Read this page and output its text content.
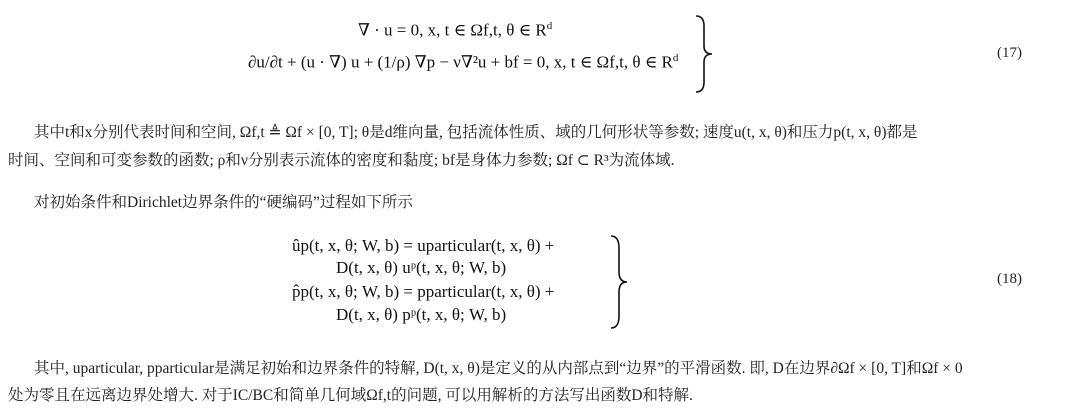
∇ · u = 0, x, t ∈ Ωf,t, θ ∈ $R^d$
∂u/∂t + (u · ∇) u + (1/ρ) ∇p − ν∇²u + bf = 0, x, t ∈ Ωf,t, θ ∈ $R^d$	(17)
其中t和x分别代表时间和空间, Ωf,t ≜ Ωf × [0, T]; θ是d维向量, 包括流体性质、域的几何形状等参数; 速度u(t, x, θ)和压力p(t, x, θ)都是
时间、空间和可变参数的函数; ρ和ν分别表示流体的密度和黏度; bf是身体力参数; Ωf ⊂ R³为流体域.
对初始条件和Dirichlet边界条件的“硬编码”过程如下所示
ûp(t, x, θ; W, b) = uparticular(t, x, θ) +
D(t, x, θ) uᵖ(t, x, θ; W, b)
p̂p(t, x, θ; W, b) = pparticular(t, x, θ) +
D(t, x, θ) pᵖ(t, x, θ; W, b)
(18)
其中, uparticular, pparticular是满足初始和边界条件的特解, D(t, x, θ)是定义的从内部点到“边界”的平滑函数. 即, D在边界∂Ωf × [0, T]和Ωf × 0
处为零且在远离边界处增大. 对于IC/BC和简单几何域Ωf,t的问题, 可以用解析的方法写出函数D和特解.
